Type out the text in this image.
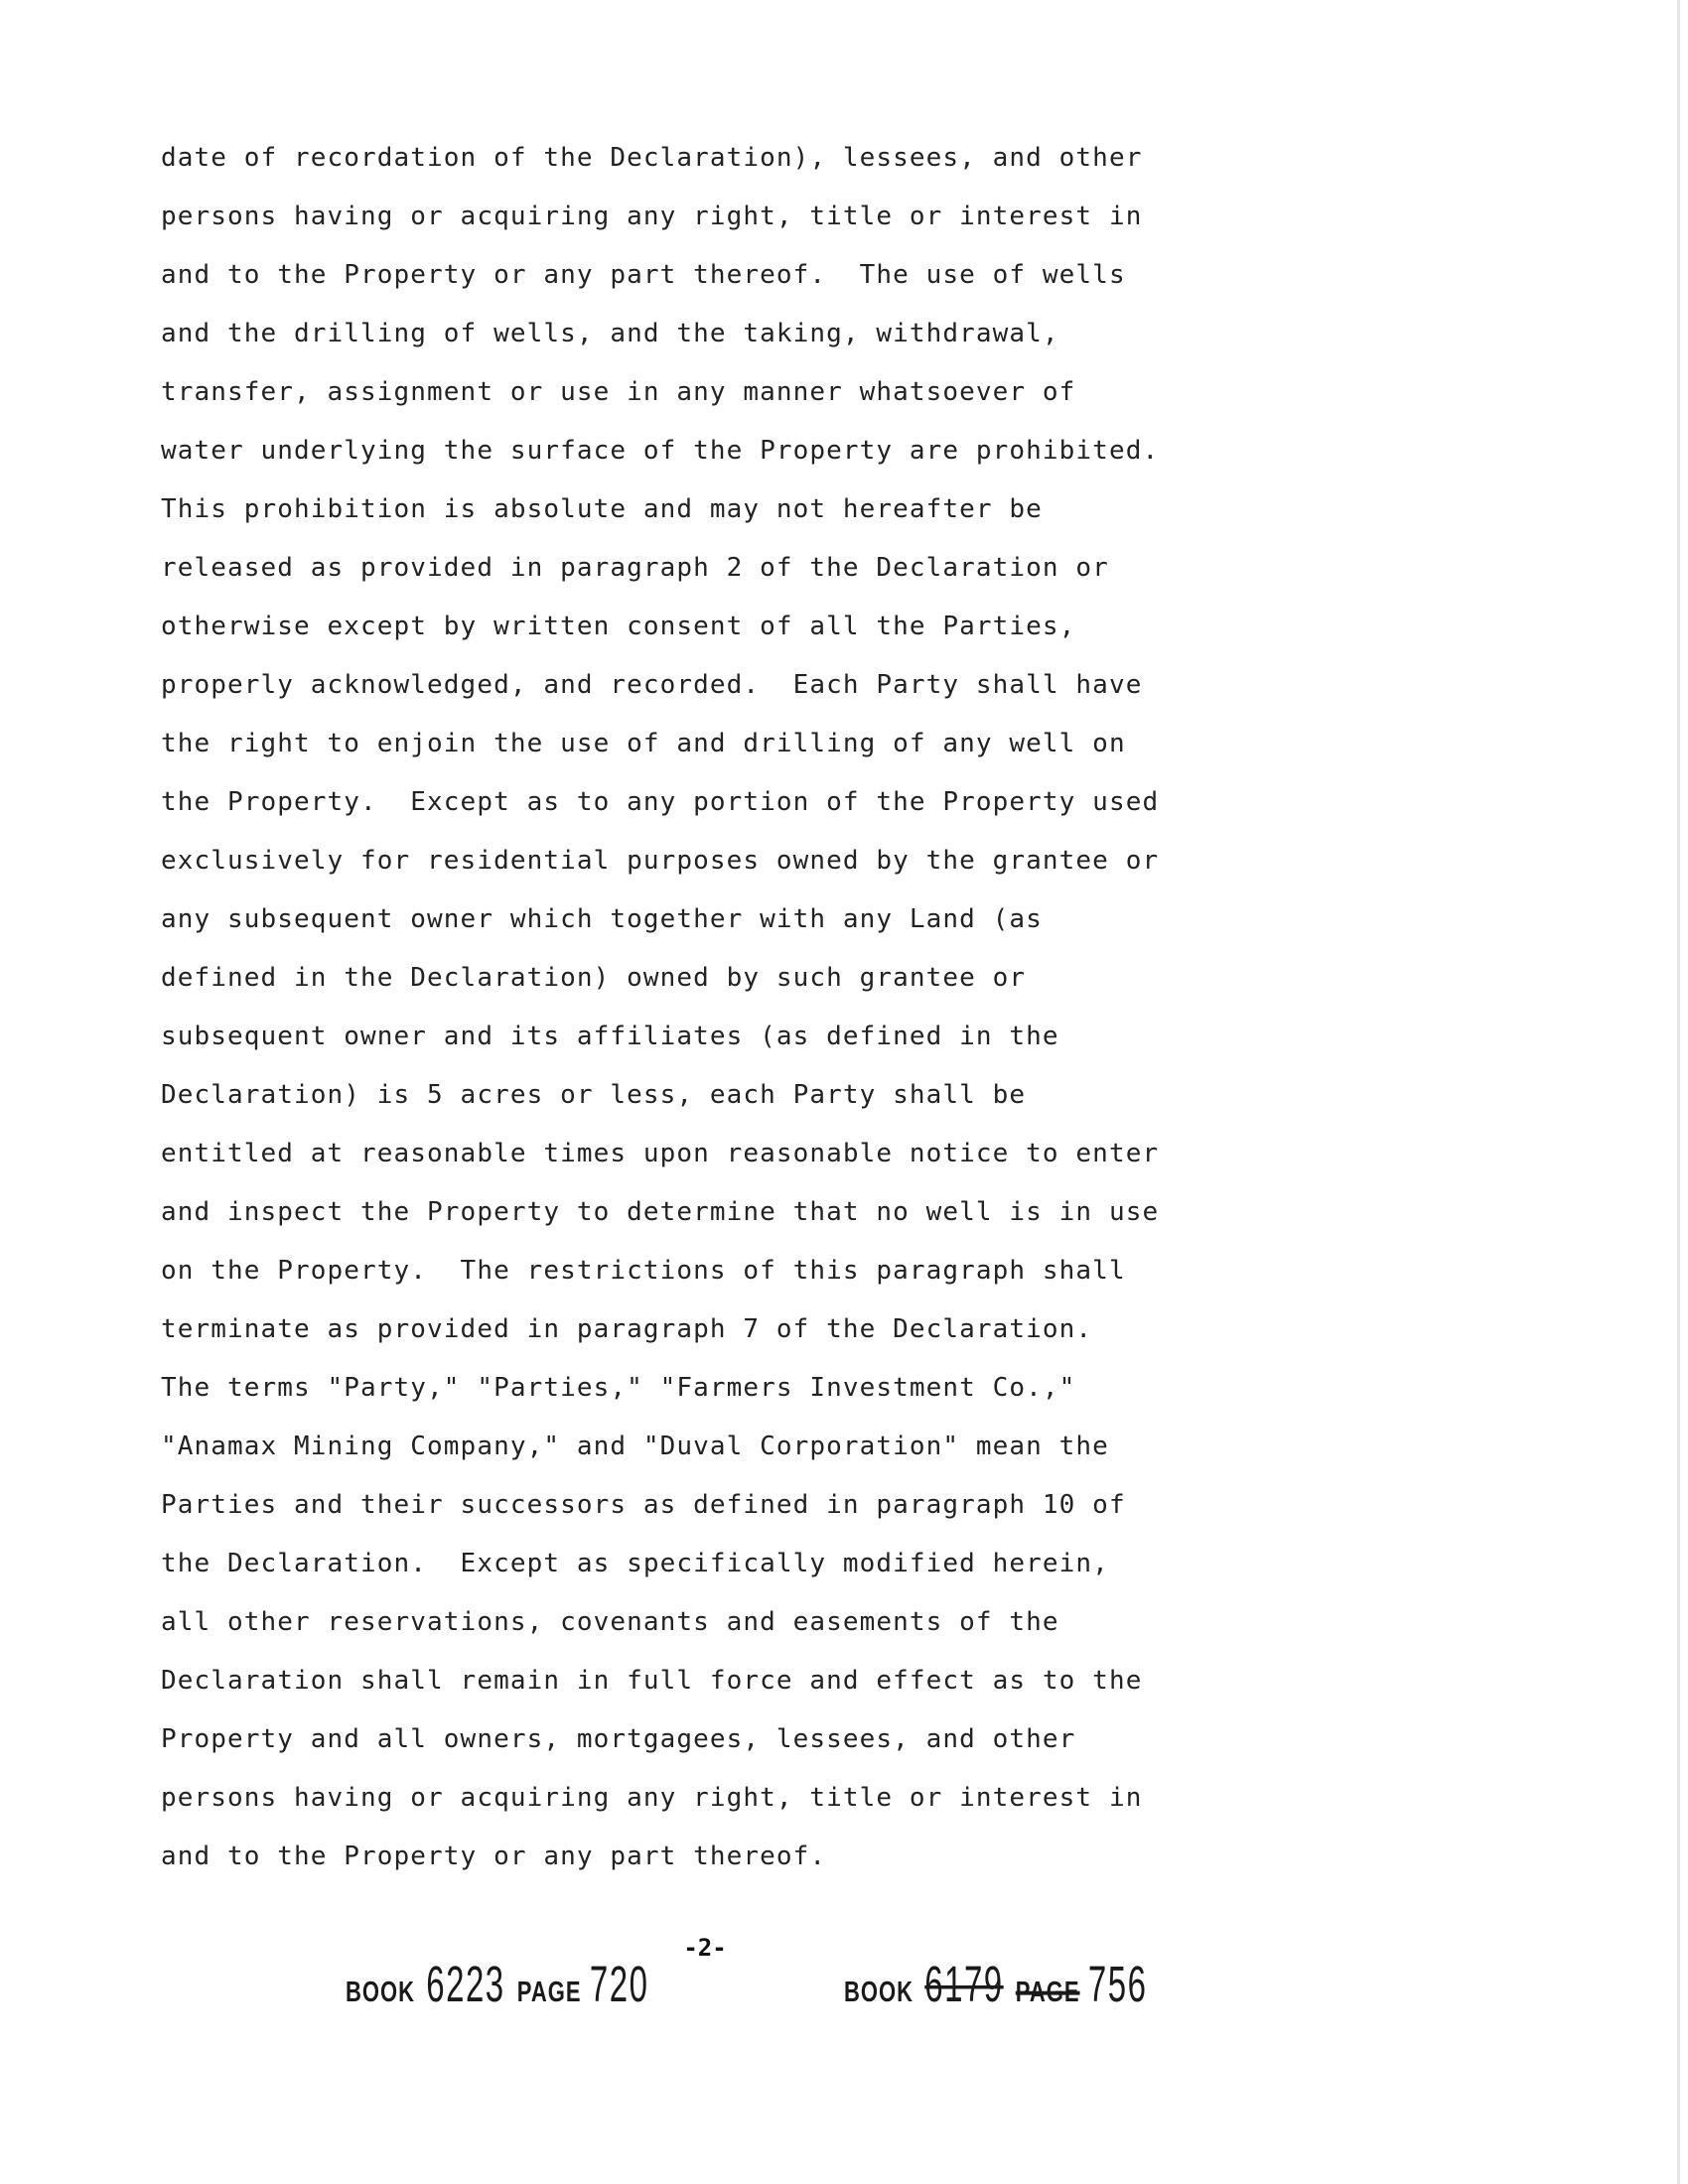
date of recordation of the Declaration), lessees, and other
persons having or acquiring any right, title or interest in
and to the Property or any part thereof.  The use of wells
and the drilling of wells, and the taking, withdrawal,
transfer, assignment or use in any manner whatsoever of
water underlying the surface of the Property are prohibited.
This prohibition is absolute and may not hereafter be
released as provided in paragraph 2 of the Declaration or
otherwise except by written consent of all the Parties,
properly acknowledged, and recorded.  Each Party shall have
the right to enjoin the use of and drilling of any well on
the Property.  Except as to any portion of the Property used
exclusively for residential purposes owned by the grantee or
any subsequent owner which together with any Land (as
defined in the Declaration) owned by such grantee or
subsequent owner and its affiliates (as defined in the
Declaration) is 5 acres or less, each Party shall be
entitled at reasonable times upon reasonable notice to enter
and inspect the Property to determine that no well is in use
on the Property.  The restrictions of this paragraph shall
terminate as provided in paragraph 7 of the Declaration.
The terms "Party," "Parties," "Farmers Investment Co.,"
"Anamax Mining Company," and "Duval Corporation" mean the
Parties and their successors as defined in paragraph 10 of
the Declaration.  Except as specifically modified herein,
all other reservations, covenants and easements of the
Declaration shall remain in full force and effect as to the
Property and all owners, mortgagees, lessees, and other
persons having or acquiring any right, title or interest in
and to the Property or any part thereof.
-2-
BOOK 6223 PAGE 720	BOOK 6179 PAGE 756
